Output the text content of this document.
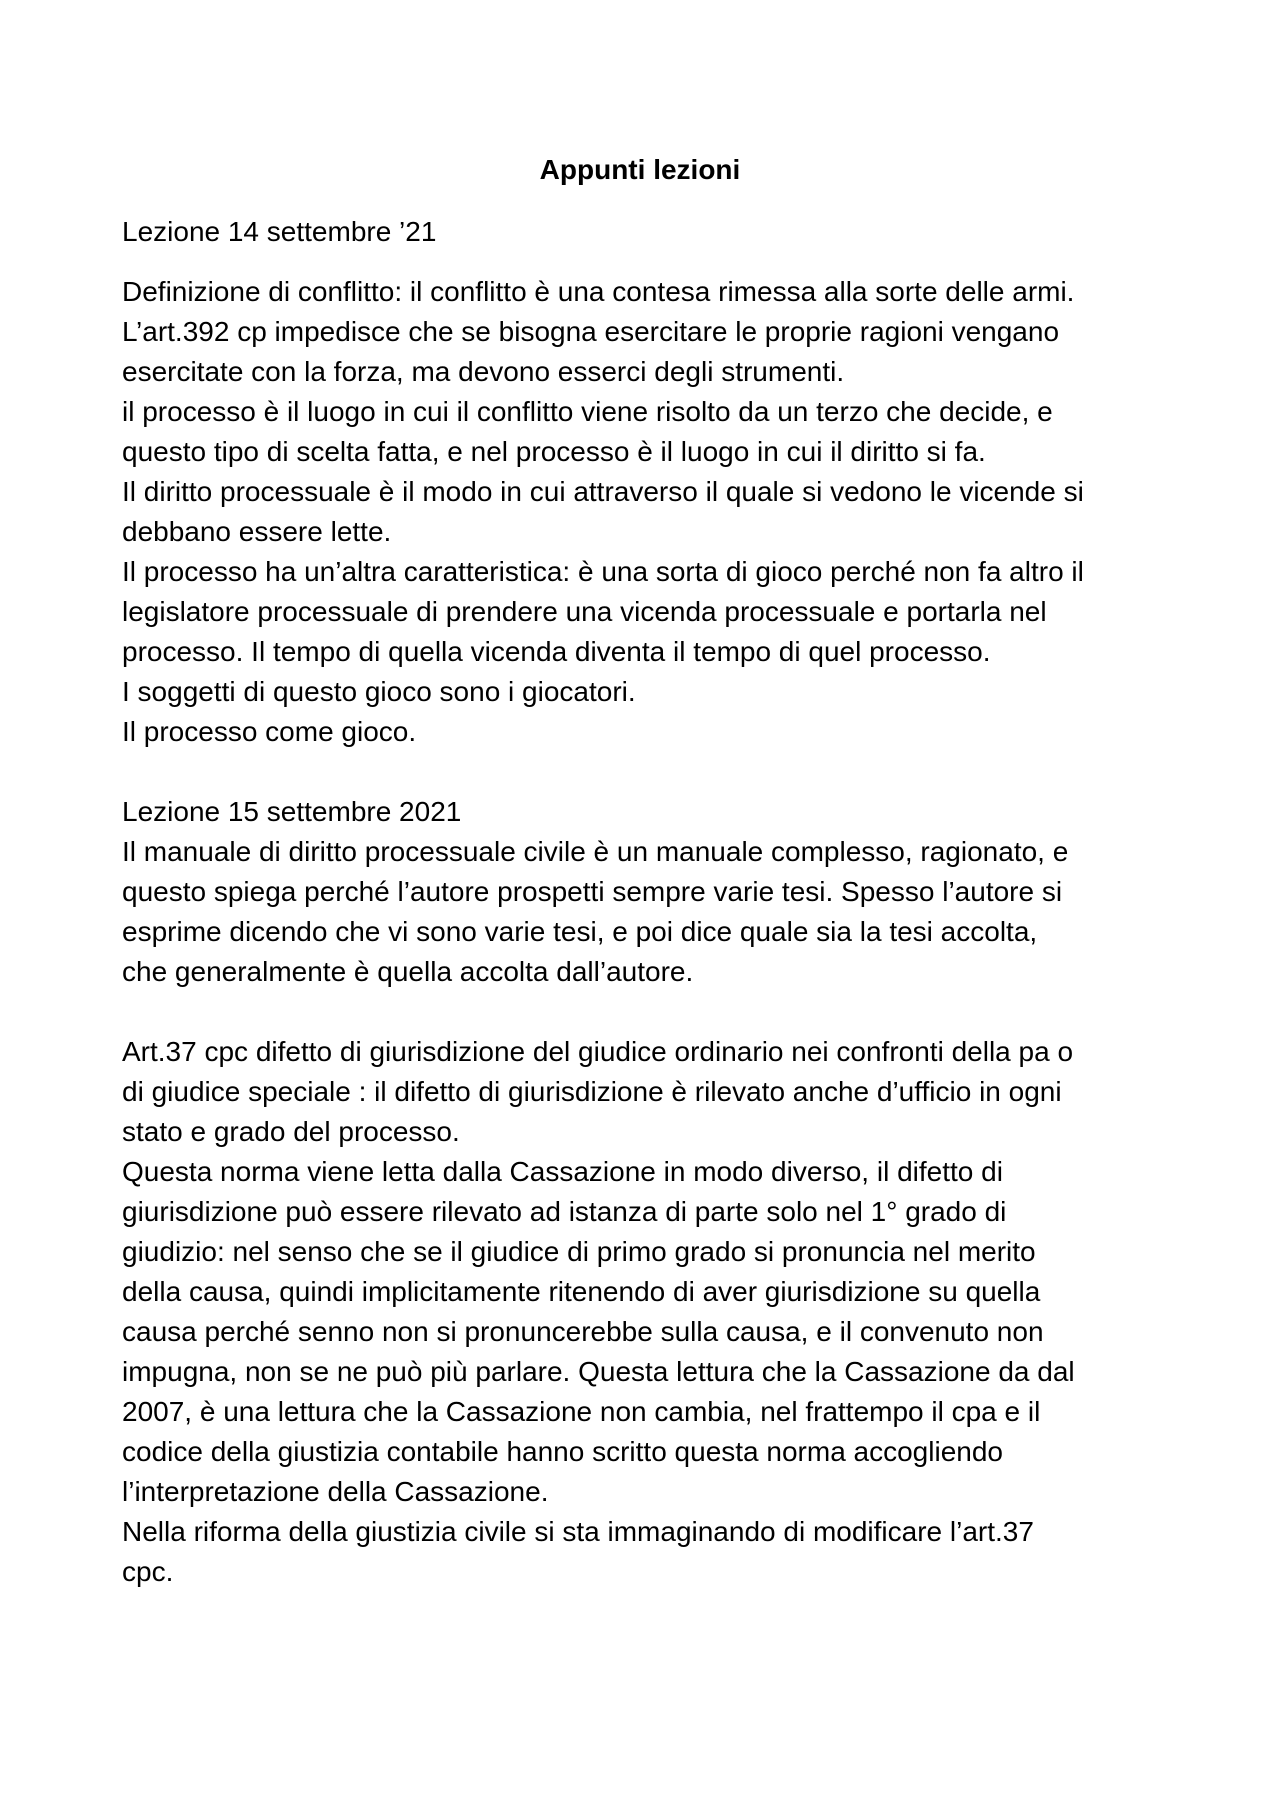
Appunti lezioni
Lezione 14 settembre ’21
Definizione di conflitto: il conflitto è una contesa rimessa alla sorte delle armi.
L’art.392 cp impedisce che se bisogna esercitare le proprie ragioni vengano
esercitate con la forza, ma devono esserci degli strumenti.
il processo è il luogo in cui il conflitto viene risolto da un terzo che decide, e
questo tipo di scelta fatta, e nel processo è il luogo in cui il diritto si fa.
Il diritto processuale è il modo in cui attraverso il quale si vedono le vicende si
debbano essere lette.
Il processo ha un’altra caratteristica: è una sorta di gioco perché non fa altro il
legislatore processuale di prendere una vicenda processuale e portarla nel
processo. Il tempo di quella vicenda diventa il tempo di quel processo.
I soggetti di questo gioco sono i giocatori.
Il processo come gioco.
Lezione 15 settembre 2021
Il manuale di diritto processuale civile è un manuale complesso, ragionato, e
questo spiega perché l’autore prospetti sempre varie tesi. Spesso l’autore si
esprime dicendo che vi sono varie tesi, e poi dice quale sia la tesi accolta,
che generalmente è quella accolta dall’autore.
Art.37 cpc difetto di giurisdizione del giudice ordinario nei confronti della pa o
di giudice speciale : il difetto di giurisdizione è rilevato anche d’ufficio in ogni
stato e grado del processo.
Questa norma viene letta dalla Cassazione in modo diverso, il difetto di
giurisdizione può essere rilevato ad istanza di parte solo nel 1° grado di
giudizio: nel senso che se il giudice di primo grado si pronuncia nel merito
della causa, quindi implicitamente ritenendo di aver giurisdizione su quella
causa perché senno non si pronuncerebbe sulla causa, e il convenuto non
impugna, non se ne può più parlare. Questa lettura che la Cassazione da dal
2007, è una lettura che la Cassazione non cambia, nel frattempo il cpa e il
codice della giustizia contabile hanno scritto questa norma accogliendo
l’interpretazione della Cassazione.
Nella riforma della giustizia civile si sta immaginando di modificare l’art.37
cpc.
